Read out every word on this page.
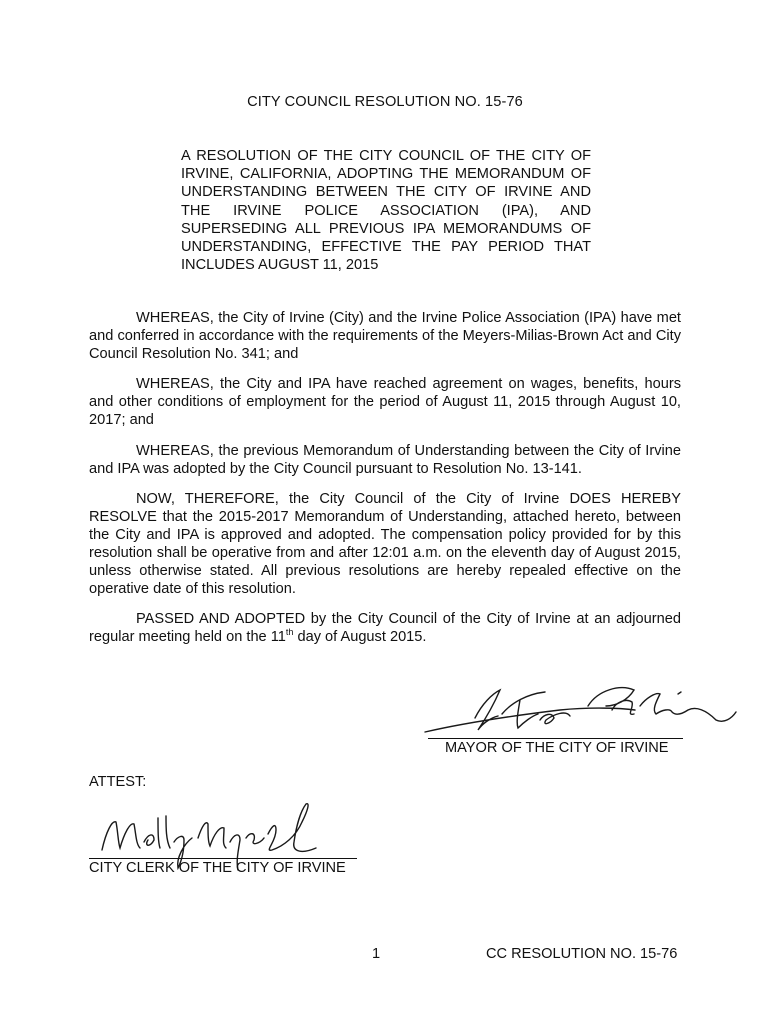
CITY COUNCIL RESOLUTION NO. 15-76
A RESOLUTION OF THE CITY COUNCIL OF THE CITY OF IRVINE, CALIFORNIA, ADOPTING THE MEMORANDUM OF UNDERSTANDING BETWEEN THE CITY OF IRVINE AND THE IRVINE POLICE ASSOCIATION (IPA), AND SUPERSEDING ALL PREVIOUS IPA MEMORANDUMS OF UNDERSTANDING, EFFECTIVE THE PAY PERIOD THAT INCLUDES AUGUST 11, 2015

WHEREAS, the City of Irvine (City) and the Irvine Police Association (IPA) have met and conferred in accordance with the requirements of the Meyers-Milias-Brown Act and City Council Resolution No. 341; and

WHEREAS, the City and IPA have reached agreement on wages, benefits, hours and other conditions of employment for the period of August 11, 2015 through August 10, 2017; and

WHEREAS, the previous Memorandum of Understanding between the City of Irvine and IPA was adopted by the City Council pursuant to Resolution No. 13-141.

NOW, THEREFORE, the City Council of the City of Irvine DOES HEREBY RESOLVE that the 2015-2017 Memorandum of Understanding, attached hereto, between the City and IPA is approved and adopted. The compensation policy provided for by this resolution shall be operative from and after 12:01 a.m. on the eleventh day of August 2015, unless otherwise stated. All previous resolutions are hereby repealed effective on the operative date of this resolution.

PASSED AND ADOPTED by the City Council of the City of Irvine at an adjourned regular meeting held on the 11th day of August 2015.

MAYOR OF THE CITY OF IRVINE
ATTEST:
CITY CLERK OF THE CITY OF IRVINE
1	CC RESOLUTION NO. 15-76
